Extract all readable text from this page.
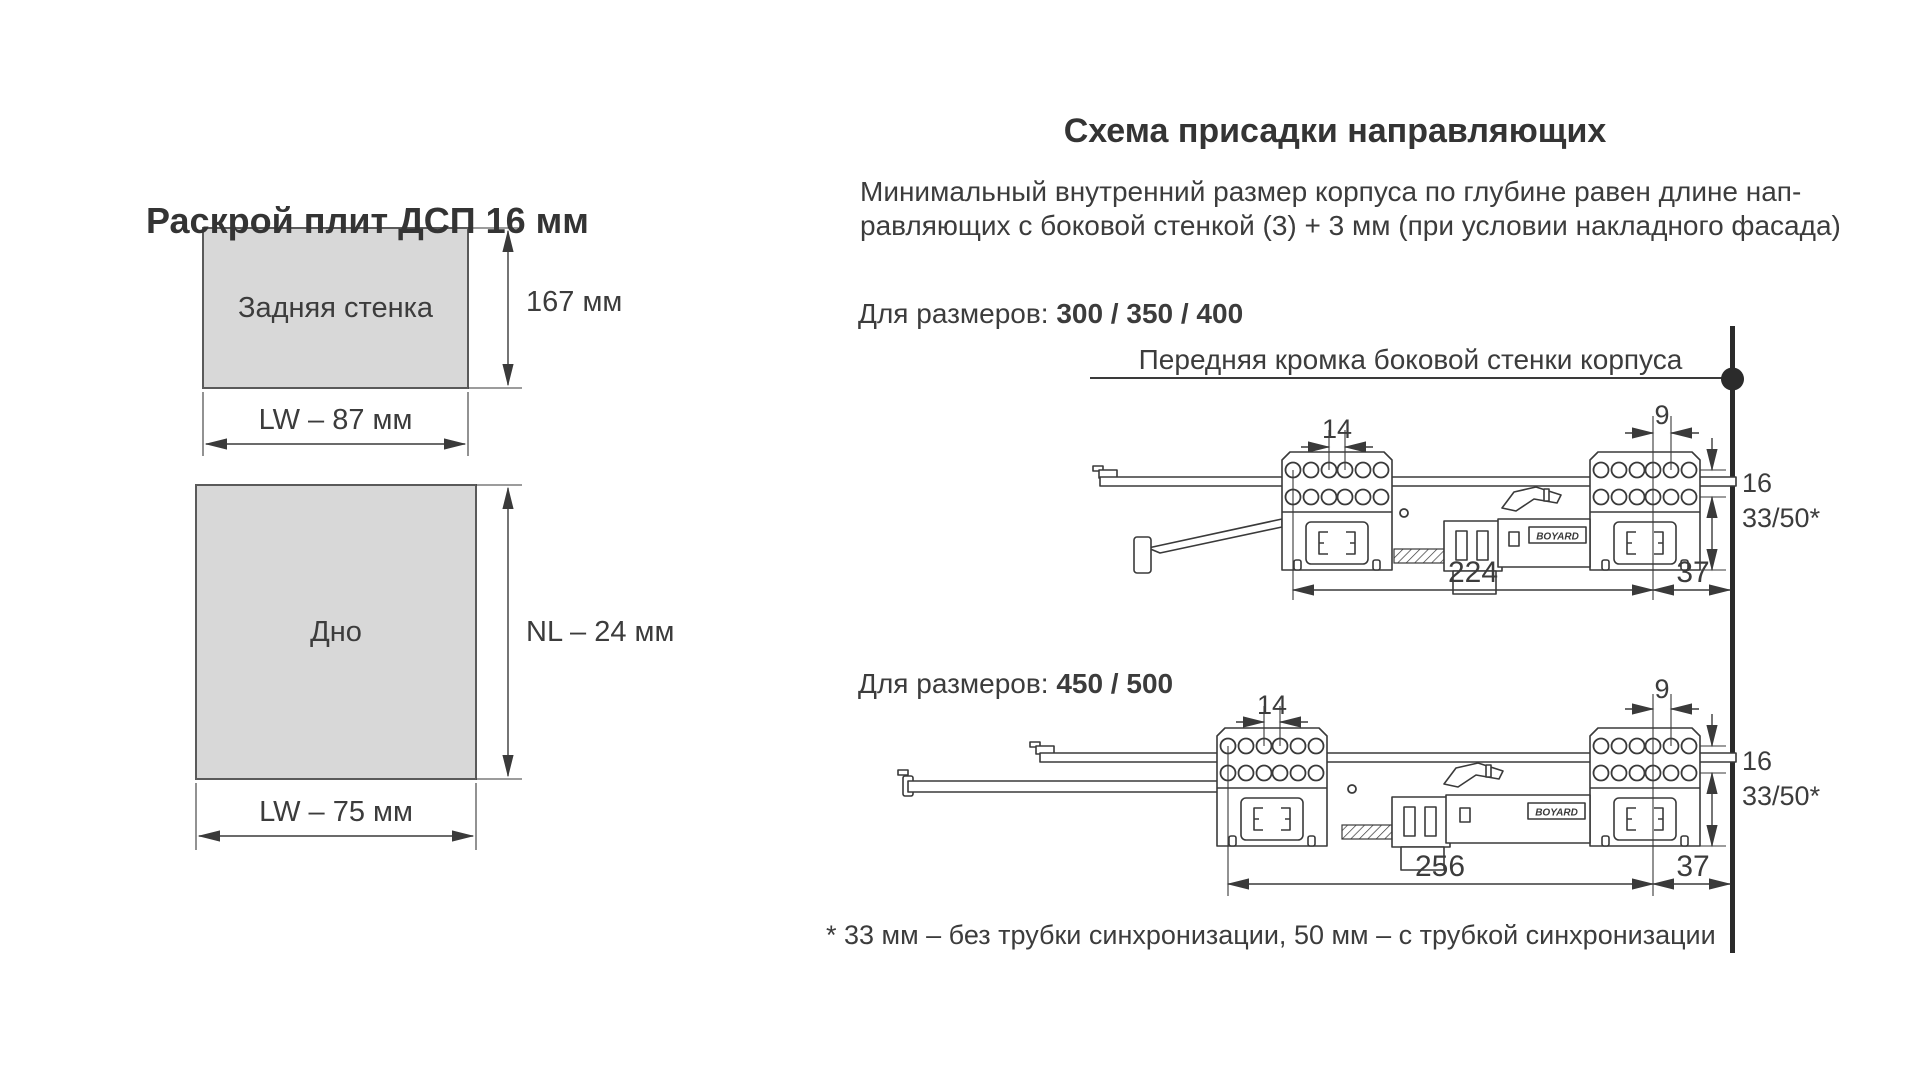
BOYARD
BOYARD
Раскрой плит ДСП 16 мм
Задняя стенка	167 мм
LW – 87 мм
Дно	NL – 24 мм
LW – 75 мм
Схема присадки направляющих
Минимальный внутренний размер корпуса по глубине равен длине нап-
равляющих с боковой стенкой (3) + 3 мм (при условии накладного фасада)
Для размеров: 300 / 350 / 400
Передняя кромка боковой стенки корпуса
14	9
16
33/50*
224	37
Для размеров: 450 / 500
14
9
16
33/50*
256	37
* 33 мм – без трубки синхронизации, 50 мм – с трубкой синхронизации
